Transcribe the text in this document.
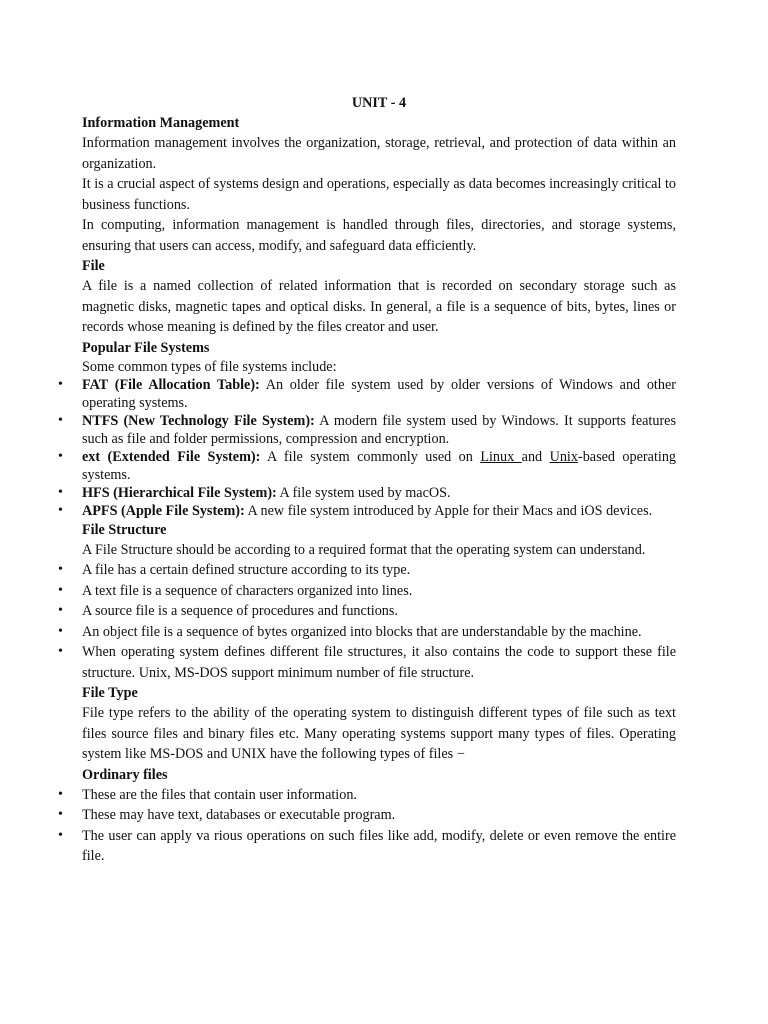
UNIT - 4

Information Management

Information management involves the organization, storage, retrieval, and protection of data within an organization.

It is a crucial aspect of systems design and operations, especially as data becomes increasingly critical to business functions.

In computing, information management is handled through files, directories, and storage systems, ensuring that users can access, modify, and safeguard data efficiently.

File

A file is a named collection of related information that is recorded on secondary storage such as magnetic disks, magnetic tapes and optical disks. In general, a file is a sequence of bits, bytes, lines or records whose meaning is defined by the files creator and user.

Popular File Systems

Some common types of file systems include:

• FAT (File Allocation Table): An older file system used by older versions of Windows and other operating systems.
• NTFS (New Technology File System): A modern file system used by Windows. It supports features such as file and folder permissions, compression and encryption.
• ext (Extended File System): A file system commonly used on Linux and Unix-based operating systems.
• HFS (Hierarchical File System): A file system used by macOS.
• APFS (Apple File System): A new file system introduced by Apple for their Macs and iOS devices.

File Structure

A File Structure should be according to a required format that the operating system can understand.

• A file has a certain defined structure according to its type.
• A text file is a sequence of characters organized into lines.
• A source file is a sequence of procedures and functions.
• An object file is a sequence of bytes organized into blocks that are understandable by the machine.
• When operating system defines different file structures, it also contains the code to support these file structure. Unix, MS-DOS support minimum number of file structure.

File Type

File type refers to the ability of the operating system to distinguish different types of file such as text files source files and binary files etc. Many operating systems support many types of files. Operating system like MS-DOS and UNIX have the following types of files −

Ordinary files

• These are the files that contain user information.
• These may have text, databases or executable program.
• The user can apply va rious operations on such files like add, modify, delete or even remove the entire file.
